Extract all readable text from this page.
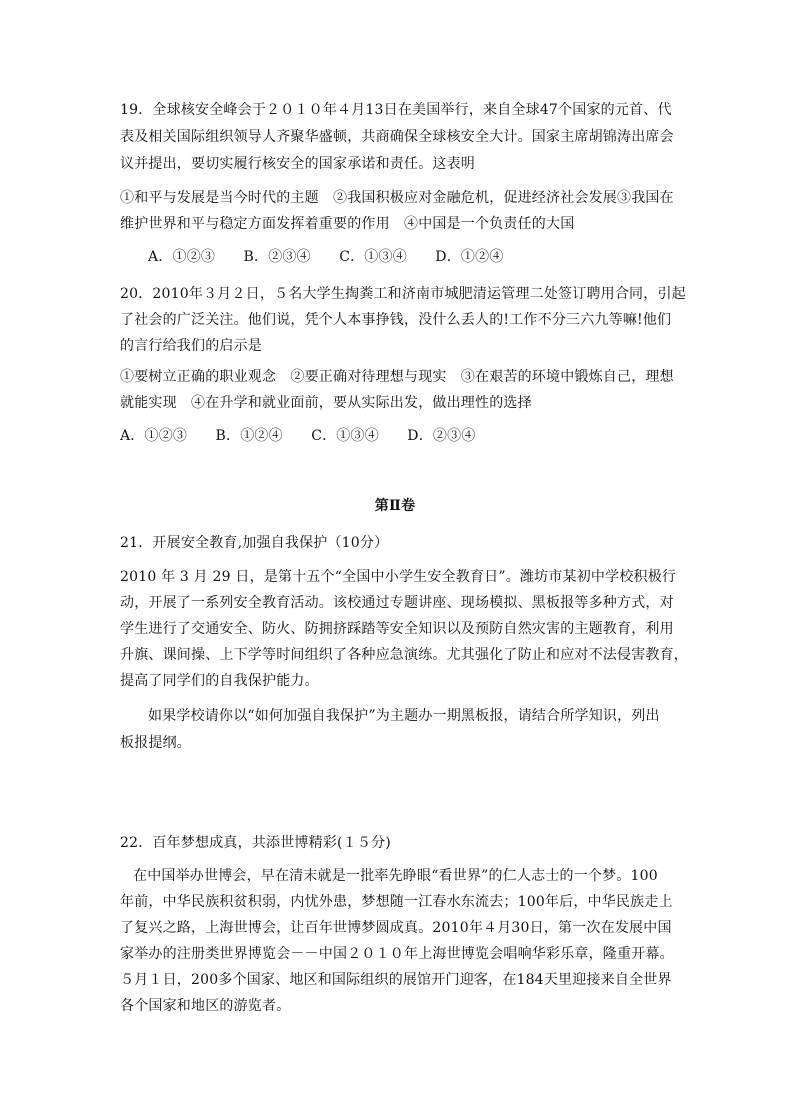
19．全球核安全峰会于２０１０年４月13日在美国举行，来自全球47个国家的元首、代
表及相关国际组织领导人齐聚华盛顿，共商确保全球核安全大计。国家主席胡锦涛出席会
议并提出，要切实履行核安全的国家承诺和责任。这表明
①和平与发展是当今时代的主题　②我国积极应对金融危机，促进经济社会发展③我国在
维护世界和平与稳定方面发挥着重要的作用　④中国是一个负责任的大国
A．①②③　　B．②③④　　C．①③④　　D．①②④
20．2010年３月２日，５名大学生掏粪工和济南市城肥清运管理二处签订聘用合同，引起
了社会的广泛关注。他们说，凭个人本事挣钱，没什么丢人的!工作不分三六九等嘛!他们
的言行给我们的启示是
①要树立正确的职业观念　②要正确对待理想与现实　③在艰苦的环境中锻炼自己，理想
就能实现　④在升学和就业面前，要从实际出发，做出理性的选择
A．①②③　　B．①②④　　C．①③④　　D．②③④
第Ⅱ卷
21．开展安全教育,加强自我保护（10分）
2010 年 3 月 29 日，是第十五个“全国中小学生安全教育日”。潍坊市某初中学校积极行
动，开展了一系列安全教育活动。该校通过专题讲座、现场模拟、黑板报等多种方式，对
学生进行了交通安全、防火、防拥挤踩踏等安全知识以及预防自然灾害的主题教育，利用
升旗、课间操、上下学等时间组织了各种应急演练。尤其强化了防止和应对不法侵害教育，
提高了同学们的自我保护能力。
如果学校请你以“如何加强自我保护”为主题办一期黑板报，请结合所学知识，列出
板报提纲。
22．百年梦想成真，共添世博精彩(１５分)
在中国举办世博会，早在清末就是一批率先睁眼“看世界”的仁人志士的一个梦。100
年前，中华民族积贫积弱，内忧外患，梦想随一江春水东流去；100年后，中华民族走上
了复兴之路，上海世博会，让百年世博梦圆成真。2010年４月30日，第一次在发展中国
家举办的注册类世界博览会－－中国２０１０年上海世博览会唱响华彩乐章，隆重开幕。
５月１日，200多个国家、地区和国际组织的展馆开门迎客，在184天里迎接来自全世界
各个国家和地区的游览者。
